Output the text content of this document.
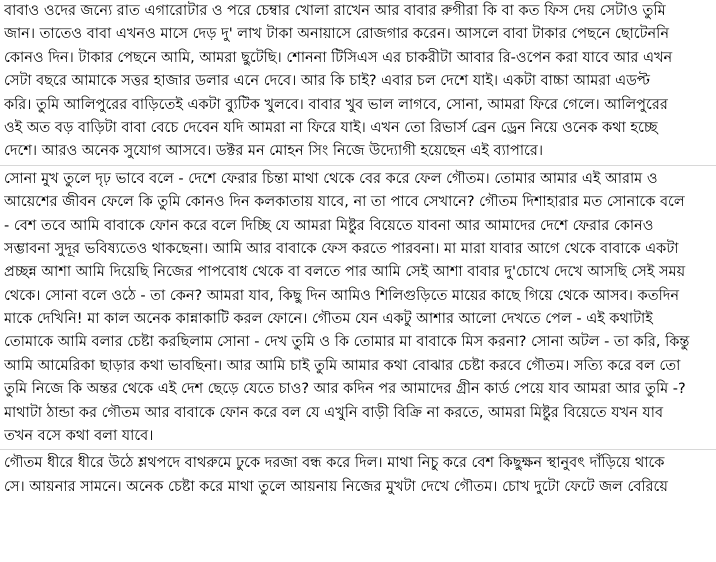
বাবাও ওদের জন্যে রাত এগারোটার ও পরে চেম্বার খোলা রাখেন আর বাবার রুগীরা কি বা কত ফিস দেয় সেটাও তুমি
জান। তাতেও বাবা এখনও মাসে দেড় দু' লাখ টাকা অনায়াসে রোজগার করেন। আসলে বাবা টাকার পেছনে ছোটেননি
কোনও দিন। টাকার পেছনে আমি, আমরা ছুটেছি। শোননা টিসিএস এর চাকরীটা আবার রি-ওপেন করা যাবে আর এখন
সেটা বছরে আমাকে সত্তর হাজার ডলার এনে দেবে। আর কি চাই? এবার চল দেশে যাই। একটা বাচ্চা আমরা এডপ্ট
করি। তুমি আলিপুরের বাড়িতেই একটা ব্যুটিক খুলবে। বাবার খুব ভাল লাগবে, সোনা, আমরা ফিরে গেলে। আলিপুরের
ওই অত বড় বাড়িটা বাবা বেচে দেবেন যদি আমরা না ফিরে যাই। এখন তো রিভার্স ব্রেন ড্রেন নিয়ে ওনেক কথা হচ্ছে
দেশে। আরও অনেক সুযোগ আসবে। ডক্টর মন মোহন সিং নিজে উদ্যোগী হয়েছেন এই ব্যাপারে।
সোনা মুখ তুলে দৃঢ় ভাবে বলে - দেশে ফেরার চিন্তা মাথা থেকে বের করে ফেল গৌতম। তোমার আমার এই আরাম ও
আয়েশের জীবন ফেলে কি তুমি কোনও দিন কলকাতায় যাবে, না তা পাবে সেখানে? গৌতম দিশাহারার মত সোনাকে বলে
- বেশ তবে আমি বাবাকে ফোন করে বলে দিচ্ছি যে আমরা মিষ্টুর বিয়েতে যাবনা আর আমাদের দেশে ফেরার কোনও
সম্ভাবনা সুদূর ভবিষ্যতেও থাকছেনা। আমি আর বাবাকে ফেস করতে পারবনা। মা মারা যাবার আগে থেকে বাবাকে একটা
প্রচ্ছন্ন আশা আমি দিয়েছি নিজের পাপবোধ থেকে বা বলতে পার আমি সেই আশা বাবার দু'চোখে দেখে আসছি সেই সময়
থেকে। সোনা বলে ওঠে - তা কেন? আমরা যাব, কিছু দিন আমিও শিলিগুড়িতে মায়ের কাছে গিয়ে থেকে আসব। কতদিন
মাকে দেখিনি! মা কাল অনেক কান্নাকাটি করল ফোনে। গৌতম যেন একটু আশার আলো দেখতে পেল - এই কথাটাই
তোমাকে আমি বলার চেষ্টা করছিলাম সোনা - দেখ তুমি ও কি তোমার মা বাবাকে মিস করনা? সোনা অটল - তা করি, কিন্তু
আমি আমেরিকা ছাড়ার কথা ভাবছিনা। আর আমি চাই তুমি আমার কথা বোঝার চেষ্টা করবে গৌতম। সত্যি করে বল তো
তুমি নিজে কি অন্তর থেকে এই দেশ ছেড়ে যেতে চাও? আর কদিন পর আমাদের গ্রীন কার্ড পেয়ে যাব আমরা আর তুমি -?
মাথাটা ঠান্ডা কর গৌতম আর বাবাকে ফোন করে বল যে এখুনি বাড়ী বিক্রি না করতে, আমরা মিষ্টুর বিয়েতে যখন যাব
তখন বসে কথা বলা যাবে।
গৌতম ধীরে ধীরে উঠে শ্লথপদে বাথরুমে ঢুকে দরজা বন্ধ করে দিল। মাথা নিচু করে বেশ কিছুক্ষন স্থানুবৎ দাঁড়িয়ে থাকে
সে। আয়নার সামনে। অনেক চেষ্টা করে মাথা তুলে আয়নায় নিজের মুখটা দেখে গৌতম। চোখ দুটো ফেটে জল বেরিয়ে
